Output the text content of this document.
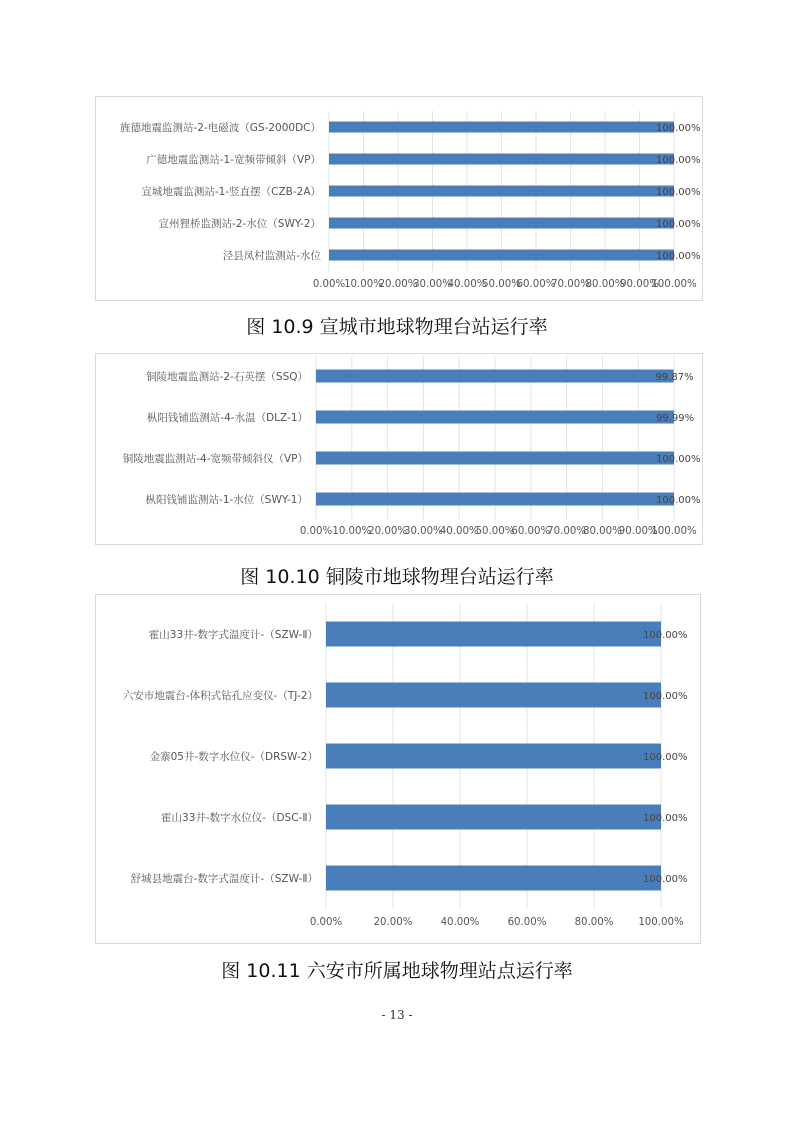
旌德地震监测站-2-电磁波（GS-2000DC）	100.00%
广德地震监测站-1-宽频带倾斜（VP）	100.00%
宣城地震监测站-1-竖直摆（CZB-2A）	100.00%
宣州狸桥监测站-2-水位（SWY-2）	100.00%
泾县凤村监测站-水位	100.00%
0.00%
10.00%
20.00%
30.00%
40.00%
50.00%
60.00%
70.00%
80.00%
90.00%
100.00%
图 10.9 宣城市地球物理台站运行率
铜陵地震监测站-2-石英摆（SSQ）	99.87%
枞阳钱铺监测站-4-水温（DLZ-1）	99.99%
铜陵地震监测站-4-宽频带倾斜仪（VP）	100.00%
枞阳钱铺监测站-1-水位（SWY-1）	100.00%
0.00% 10.00%
20.00%
30.00%
40.00%
50.00%
60.00%
70.00%
80.00%
90.00%
100.00%
图 10.10 铜陵市地球物理台站运行率
霍山33井-数字式温度计-（SZW-Ⅱ）	100.00%
六安市地震台-体积式钻孔应变仪-（TJ-2）	100.00%
金寨05井-数字水位仪-（DRSW-2）	100.00%
霍山33井-数字水位仪-（DSC-Ⅱ）	100.00%
舒城县地震台-数字式温度计-（SZW-Ⅱ）	100.00%
0.00%	20.00%	40.00%	60.00%	80.00% 100.00%
图 10.11 六安市所属地球物理站点运行率
- 13 -
